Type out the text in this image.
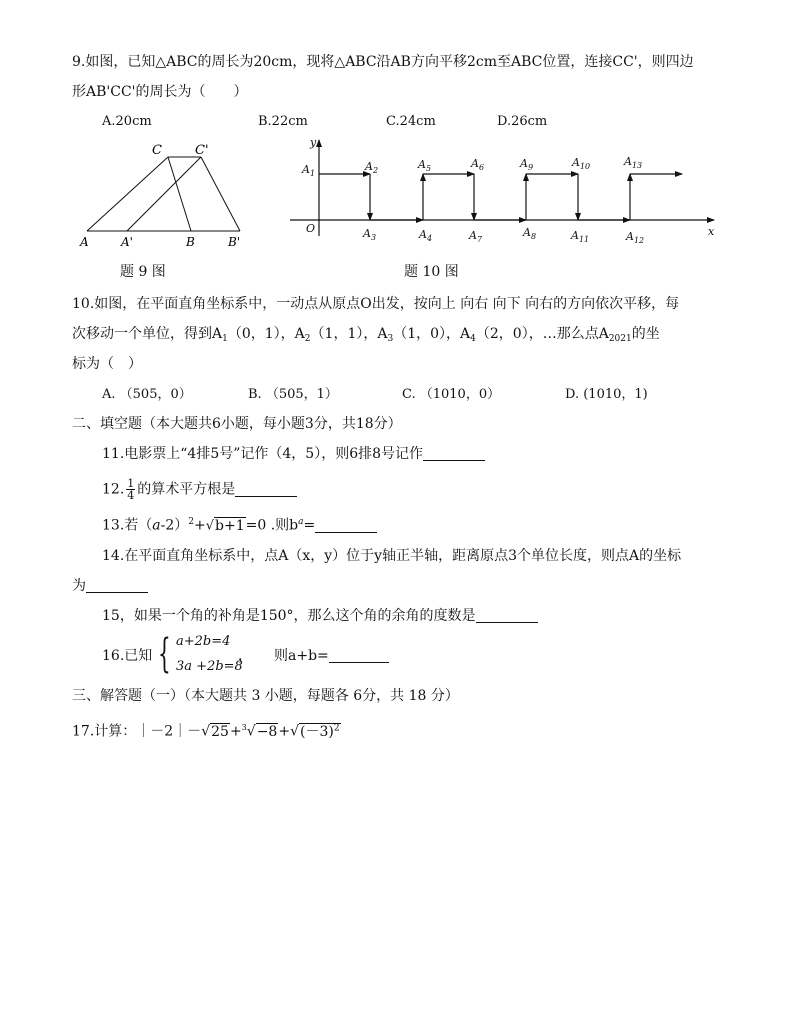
9.如图，已知△ABC的周长为20cm，现将△ABC沿AB方向平移2cm至ABC位置，连接CC'，则四边
形AB'CC'的周长为（　　）
A.20cm	B.22cm	C.24cm	D.26cm
C	C'
A	A'	B	B'
题 9 图
y
x
O
$A_1$
$A_2$
$A_3$	$A_4$
$A_5$	$A_6$
$A_7$
$A_8$
$A_9$	$A_{10}$
$A_{11}$	$A_{12}$
$A_{13}$
题 10 图
10.如图，在平面直角坐标系中，一动点从原点O出发，按向上 向右 向下 向右的方向依次平移，每
次移动一个单位，得到$A_1(0$，1），$A_2(1$，1），$A_3(1$，0），$A_4(2$，0），…那么点$A_{2021}$的坐
标为（　）
A. （505，0）	B. （505，1）	C. （1010，0）	D. (1010，1)
二、填空题（本大题共6小题，每小题3分，共18分）
11.电影票上“4排5号”记作（4，5），则6排8号记作
12. $\frac{1}{4}$ 的算术平方根是
13.若$(a-2)^2+√b+1=0$ .则$b^a=$
14.在平面直角坐标系中，点A（x，y）位于y轴正半轴，距离原点3个单位长度，则点A的坐标
为
15，如果一个角的补角是150°，那么这个角的余角的度数是
16.已知 { a+2b=4
3a +2b=8
， 则a+b=
三、解答题（一）（本大题共 3 小题，每题各 6分，共 18 分）
17.计算：$|-2|-√25+^3√-8+√(-3)^2$
